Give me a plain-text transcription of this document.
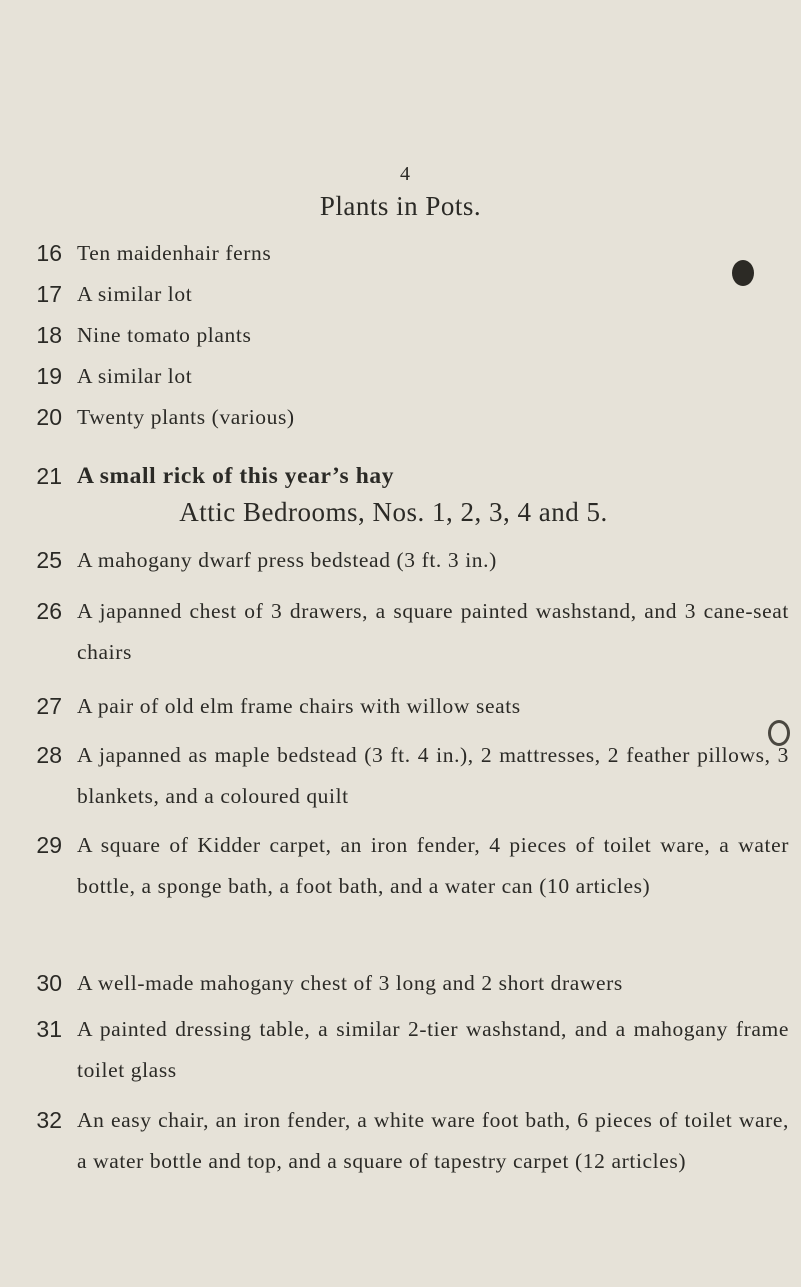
4
Plants in Pots.
16 Ten maidenhair ferns
17 A similar lot
18 Nine tomato plants
19 A similar lot
20 Twenty plants (various)
21 A small rick of this year’s hay
Attic Bedrooms, Nos. 1, 2, 3, 4 and 5.
25 A mahogany dwarf press bedstead (3 ft. 3 in.)
26 A japanned chest of 3 drawers, a square painted washstand, and 3 cane-seat chairs
27 A pair of old elm frame chairs with willow seats
28 A japanned as maple bedstead (3 ft. 4 in.), 2 mattresses, 2 feather pillows, 3 blankets, and a coloured quilt
29 A square of Kidder carpet, an iron fender, 4 pieces of toilet ware, a water bottle, a sponge bath, a foot bath, and a water can (10 articles)
30 A well-made mahogany chest of 3 long and 2 short drawers
31 A painted dressing table, a similar 2-tier washstand, and a mahogany frame toilet glass
32 An easy chair, an iron fender, a white ware foot bath, 6 pieces of toilet ware, a water bottle and top, and a square of tapestry carpet (12 articles)
